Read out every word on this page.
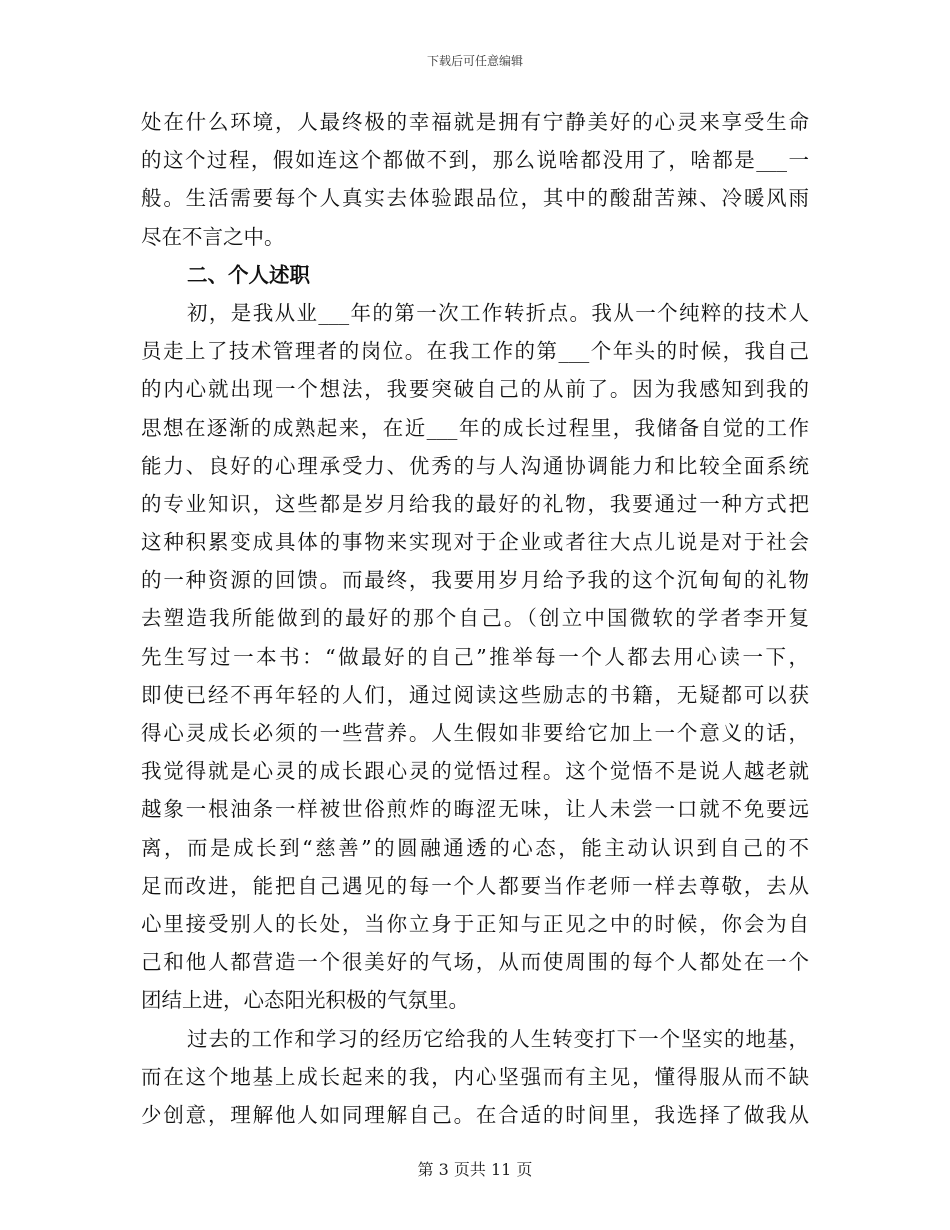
下载后可任意编辑
处在什么环境，人最终极的幸福就是拥有宁静美好的心灵来享受生命
的这个过程，假如连这个都做不到，那么说啥都没用了，啥都是___一
般。生活需要每个人真实去体验跟品位，其中的酸甜苦辣、冷暖风雨
尽在不言之中。
二、个人述职
初，是我从业___年的第一次工作转折点。我从一个纯粹的技术人
员走上了技术管理者的岗位。在我工作的第___个年头的时候，我自己
的内心就出现一个想法，我要突破自己的从前了。因为我感知到我的
思想在逐渐的成熟起来，在近___年的成长过程里，我储备自觉的工作
能力、良好的心理承受力、优秀的与人沟通协调能力和比较全面系统
的专业知识，这些都是岁月给我的最好的礼物，我要通过一种方式把
这种积累变成具体的事物来实现对于企业或者往大点儿说是对于社会
的一种资源的回馈。而最终，我要用岁月给予我的这个沉甸甸的礼物
去塑造我所能做到的最好的那个自己。（创立中国微软的学者李开复
先生写过一本书：“做最好的自己”推举每一个人都去用心读一下，
即使已经不再年轻的人们，通过阅读这些励志的书籍，无疑都可以获
得心灵成长必须的一些营养。人生假如非要给它加上一个意义的话，
我觉得就是心灵的成长跟心灵的觉悟过程。这个觉悟不是说人越老就
越象一根油条一样被世俗煎炸的晦涩无味，让人未尝一口就不免要远
离，而是成长到“慈善”的圆融通透的心态，能主动认识到自己的不
足而改进，能把自己遇见的每一个人都要当作老师一样去尊敬，去从
心里接受别人的长处，当你立身于正知与正见之中的时候，你会为自
己和他人都营造一个很美好的气场，从而使周围的每个人都处在一个
团结上进，心态阳光积极的气氛里。
过去的工作和学习的经历它给我的人生转变打下一个坚实的地基，
而在这个地基上成长起来的我，内心坚强而有主见，懂得服从而不缺
少创意，理解他人如同理解自己。在合适的时间里，我选择了做我从
第 3 页共 11 页
